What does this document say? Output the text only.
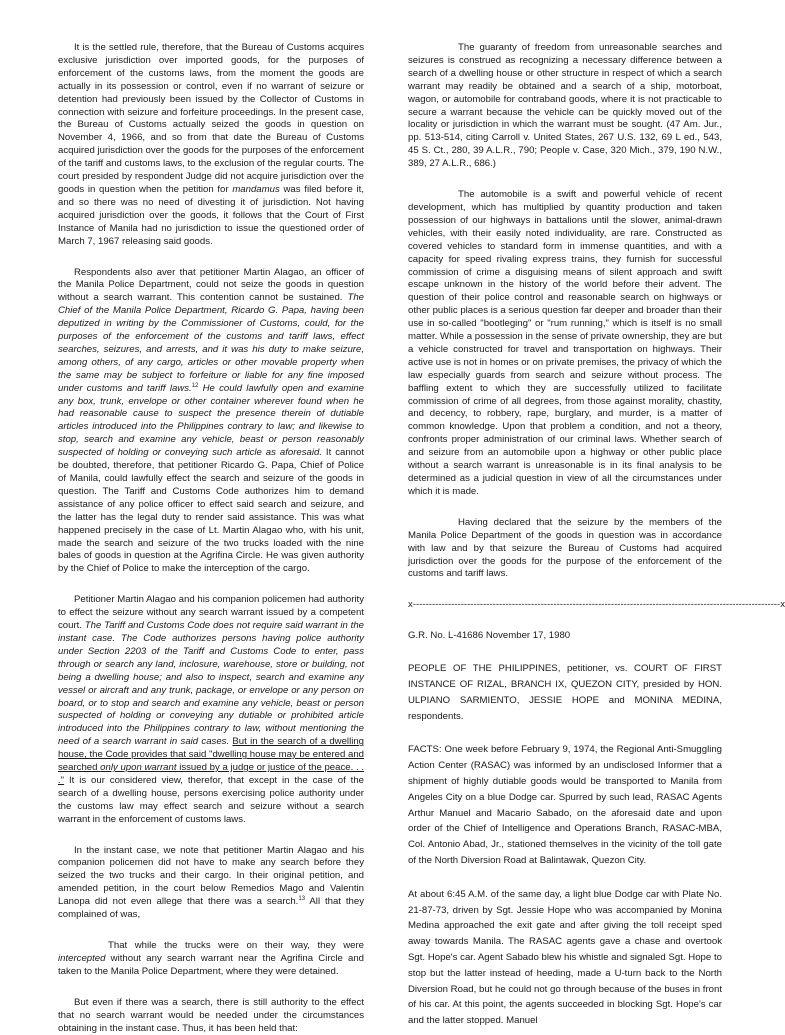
It is the settled rule, therefore, that the Bureau of Customs acquires exclusive jurisdiction over imported goods, for the purposes of enforcement of the customs laws, from the moment the goods are actually in its possession or control, even if no warrant of seizure or detention had previously been issued by the Collector of Customs in connection with seizure and forfeiture proceedings. In the present case, the Bureau of Customs actually seized the goods in question on November 4, 1966, and so from that date the Bureau of Customs acquired jurisdiction over the goods for the purposes of the enforcement of the tariff and customs laws, to the exclusion of the regular courts. The court presided by respondent Judge did not acquire jurisdiction over the goods in question when the petition for mandamus was filed before it, and so there was no need of divesting it of jurisdiction. Not having acquired jurisdiction over the goods, it follows that the Court of First Instance of Manila had no jurisdiction to issue the questioned order of March 7, 1967 releasing said goods.

Respondents also aver that petitioner Martin Alagao, an officer of the Manila Police Department, could not seize the goods in question without a search warrant. This contention cannot be sustained. The Chief of the Manila Police Department, Ricardo G. Papa, having been deputized in writing by the Commissioner of Customs, could, for the purposes of the enforcement of the customs and tariff laws, effect searches, seizures, and arrests, and it was his duty to make seizure, among others, of any cargo, articles or other movable property when the same may be subject to forfeiture or liable for any fine imposed under customs and tariff laws.$^{12}$ He could lawfully open and examine any box, trunk, envelope or other container wherever found when he had reasonable cause to suspect the presence therein of dutiable articles introduced into the Philippines contrary to law; and likewise to stop, search and examine any vehicle, beast or person reasonably suspected of holding or conveying such article as aforesaid. It cannot be doubted, therefore, that petitioner Ricardo G. Papa, Chief of Police of Manila, could lawfully effect the search and seizure of the goods in question. The Tariff and Customs Code authorizes him to demand assistance of any police officer to effect said search and seizure, and the latter has the legal duty to render said assistance. This was what happened precisely in the case of Lt. Martin Alagao who, with his unit, made the search and seizure of the two trucks loaded with the nine bales of goods in question at the Agrifina Circle. He was given authority by the Chief of Police to make the interception of the cargo.

Petitioner Martin Alagao and his companion policemen had authority to effect the seizure without any search warrant issued by a competent court. The Tariff and Customs Code does not require said warrant in the instant case. The Code authorizes persons having police authority under Section 2203 of the Tariff and Customs Code to enter, pass through or search any land, inclosure, warehouse, store or building, not being a dwelling house; and also to inspect, search and examine any vessel or aircraft and any trunk, package, or envelope or any person on board, or to stop and search and examine any vehicle, beast or person suspected of holding or conveying any dutiable or prohibited article introduced into the Philippines contrary to law, without mentioning the need of a search warrant in said cases. But in the search of a dwelling house, the Code provides that said "dwelling house may be entered and searched only upon warrant issued by a judge or justice of the peace. . . ." It is our considered view, therefor, that except in the case of the search of a dwelling house, persons exercising police authority under the customs law may effect search and seizure without a search warrant in the enforcement of customs laws.

In the instant case, we note that petitioner Martin Alagao and his companion policemen did not have to make any search before they seized the two trucks and their cargo. In their original petition, and amended petition, in the court below Remedios Mago and Valentin Lanopa did not even allege that there was a search.$^{13}$ All that they complained of was,

That while the trucks were on their way, they were intercepted without any search warrant near the Agrifina Circle and taken to the Manila Police Department, where they were detained.

But even if there was a search, there is still authority to the effect that no search warrant would be needed under the circumstances obtaining in the instant case. Thus, it has been held that:

The guaranty of freedom from unreasonable searches and seizures is construed as recognizing a necessary difference between a search of a dwelling house or other structure in respect of which a search warrant may readily be obtained and a search of a ship, motorboat, wagon, or automobile for contraband goods, where it is not practicable to secure a warrant because the vehicle can be quickly moved out of the locality or jurisdiction in which the warrant must be sought. (47 Am. Jur., pp. 513-514, citing Carroll v. United States, 267 U.S. 132, 69 L ed., 543, 45 S. Ct., 280, 39 A.L.R., 790; People v. Case, 320 Mich., 379, 190 N.W., 389, 27 A.L.R., 686.)

The automobile is a swift and powerful vehicle of recent development, which has multiplied by quantity production and taken possession of our highways in battalions until the slower, animal-drawn vehicles, with their easily noted individuality, are rare. Constructed as covered vehicles to standard form in immense quantities, and with a capacity for speed rivaling express trains, they furnish for successful commission of crime a disguising means of silent approach and swift escape unknown in the history of the world before their advent. The question of their police control and reasonable search on highways or other public places is a serious question far deeper and broader than their use in so-called "bootleging" or "rum running," which is itself is no small matter. While a possession in the sense of private ownership, they are but a vehicle constructed for travel and transportation on highways. Their active use is not in homes or on private premises, the privacy of which the law especially guards from search and seizure without process. The baffling extent to which they are successfully utilized to facilitate commission of crime of all degrees, from those against morality, chastity, and decency, to robbery, rape, burglary, and murder, is a matter of common knowledge. Upon that problem a condition, and not a theory, confronts proper administration of our criminal laws. Whether search of and seizure from an automobile upon a highway or other public place without a search warrant is unreasonable is in its final analysis to be determined as a judicial question in view of all the circumstances under which it is made.

Having declared that the seizure by the members of the Manila Police Department of the goods in question was in accordance with law and by that seizure the Bureau of Customs had acquired jurisdiction over the goods for the purpose of the enforcement of the customs and tariff laws.

x-------------------------------------------------------------------------------------------------------------------x

G.R. No. L-41686 November 17, 1980

PEOPLE OF THE PHILIPPINES, petitioner, vs. COURT OF FIRST INSTANCE OF RIZAL, BRANCH IX, QUEZON CITY, presided by HON. ULPIANO SARMIENTO, JESSIE HOPE and MONINA MEDINA, respondents.

FACTS: One week before February 9, 1974, the Regional Anti-Smuggling Action Center (RASAC) was informed by an undisclosed Informer that a shipment of highly dutiable goods would be transported to Manila from Angeles City on a blue Dodge car. Spurred by such lead, RASAC Agents Arthur Manuel and Macario Sabado, on the aforesaid date and upon order of the Chief of Intelligence and Operations Branch, RASAC-MBA, Col. Antonio Abad, Jr., stationed themselves in the vicinity of the toll gate of the North Diversion Road at Balintawak, Quezon City.

At about 6:45 A.M. of the same day, a light blue Dodge car with Plate No. 21-87-73, driven by Sgt. Jessie Hope who was accompanied by Monina Medina approached the exit gate and after giving the toll receipt sped away towards Manila. The RASAC agents gave a chase and overtook Sgt. Hope's car. Agent Sabado blew his whistle and signaled Sgt. Hope to stop but the latter instead of heeding, made a U-turn back to the North Diversion Road, but he could not go through because of the buses in front of his car. At this point, the agents succeeded in blocking Sgt. Hope's car and the latter stopped. Manuel
